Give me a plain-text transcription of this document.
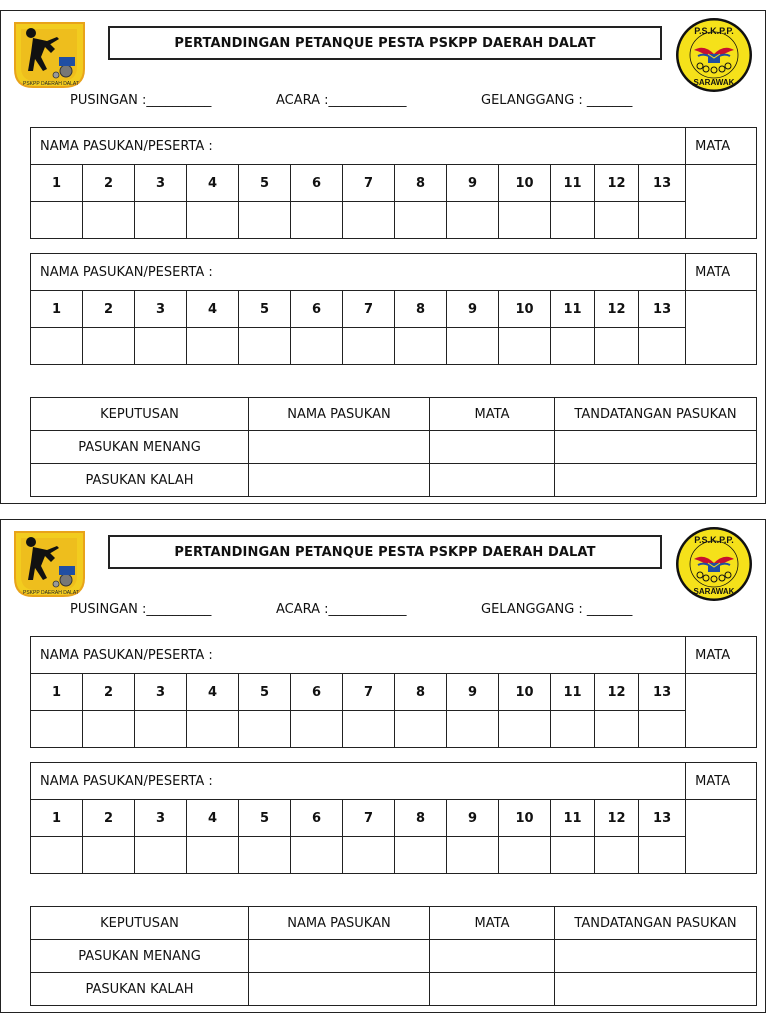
PSKPP DAERAH DALAT
PERTANDINGAN PETANQUE PESTA PSKPP DAERAH DALAT
P.S.K.P.P.
SARAWAK
PUSINGAN :__________	ACARA :____________	GELANGGANG : _______
NAMA PASUKAN/PESERTA :													MATA
1	2	3	4	5	6	7	8	9	10	11	12	13	

NAMA PASUKAN/PESERTA :													MATA
1	2	3	4	5	6	7	8	9	10	11	12	13	

KEPUTUSAN	NAMA PASUKAN	MATA	TANDATANGAN PASUKAN
PASUKAN MENANG			
PASUKAN KALAH			
PSKPP DAERAH DALAT
PERTANDINGAN PETANQUE PESTA PSKPP DAERAH DALAT
P.S.K.P.P.
SARAWAK
PUSINGAN :__________	ACARA :____________	GELANGGANG : _______
NAMA PASUKAN/PESERTA :													MATA
1	2	3	4	5	6	7	8	9	10	11	12	13	

NAMA PASUKAN/PESERTA :													MATA
1	2	3	4	5	6	7	8	9	10	11	12	13	

KEPUTUSAN	NAMA PASUKAN	MATA	TANDATANGAN PASUKAN
PASUKAN MENANG			
PASUKAN KALAH			
